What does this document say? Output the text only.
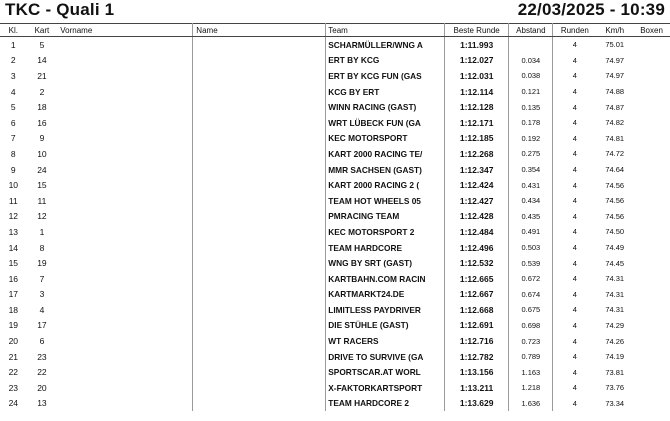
TKC - Quali 1	22/03/2025 - 10:39
Kl.	Kart	Vorname	Name	Team	Beste Runde	Abstand	Runden	Km/h	Boxen
1	5			SCHARMÜLLER/WNG A	1:11.993		4	75.01	
2	14			ERT BY KCG	1:12.027	0.034	4	74.97	
3	21			ERT BY KCG FUN (GAS	1:12.031	0.038	4	74.97	
4	2			KCG BY ERT	1:12.114	0.121	4	74.88	
5	18			WINN RACING (GAST)	1:12.128	0.135	4	74.87	
6	16			WRT LÜBECK FUN (GA	1:12.171	0.178	4	74.82	
7	9			KEC MOTORSPORT	1:12.185	0.192	4	74.81	
8	10			KART 2000 RACING TE/	1:12.268	0.275	4	74.72	
9	24			MMR SACHSEN (GAST)	1:12.347	0.354	4	74.64	
10	15			KART 2000 RACING 2 (	1:12.424	0.431	4	74.56	
11	11			TEAM HOT WHEELS 05	1:12.427	0.434	4	74.56	
12	12			PMRACING TEAM	1:12.428	0.435	4	74.56	
13	1			KEC MOTORSPORT 2	1:12.484	0.491	4	74.50	
14	8			TEAM HARDCORE	1:12.496	0.503	4	74.49	
15	19			WNG BY SRT (GAST)	1:12.532	0.539	4	74.45	
16	7			KARTBAHN.COM RACIN	1:12.665	0.672	4	74.31	
17	3			KARTMARKT24.DE	1:12.667	0.674	4	74.31	
18	4			LIMITLESS PAYDRIVER	1:12.668	0.675	4	74.31	
19	17			DIE STÜHLE (GAST)	1:12.691	0.698	4	74.29	
20	6			WT RACERS	1:12.716	0.723	4	74.26	
21	23			DRIVE TO SURVIVE (GA	1:12.782	0.789	4	74.19	
22	22			SPORTSCAR.AT WORL	1:13.156	1.163	4	73.81	
23	20			X-FAKTORKARTSPORT	1:13.211	1.218	4	73.76	
24	13			TEAM HARDCORE 2	1:13.629	1.636	4	73.34	
